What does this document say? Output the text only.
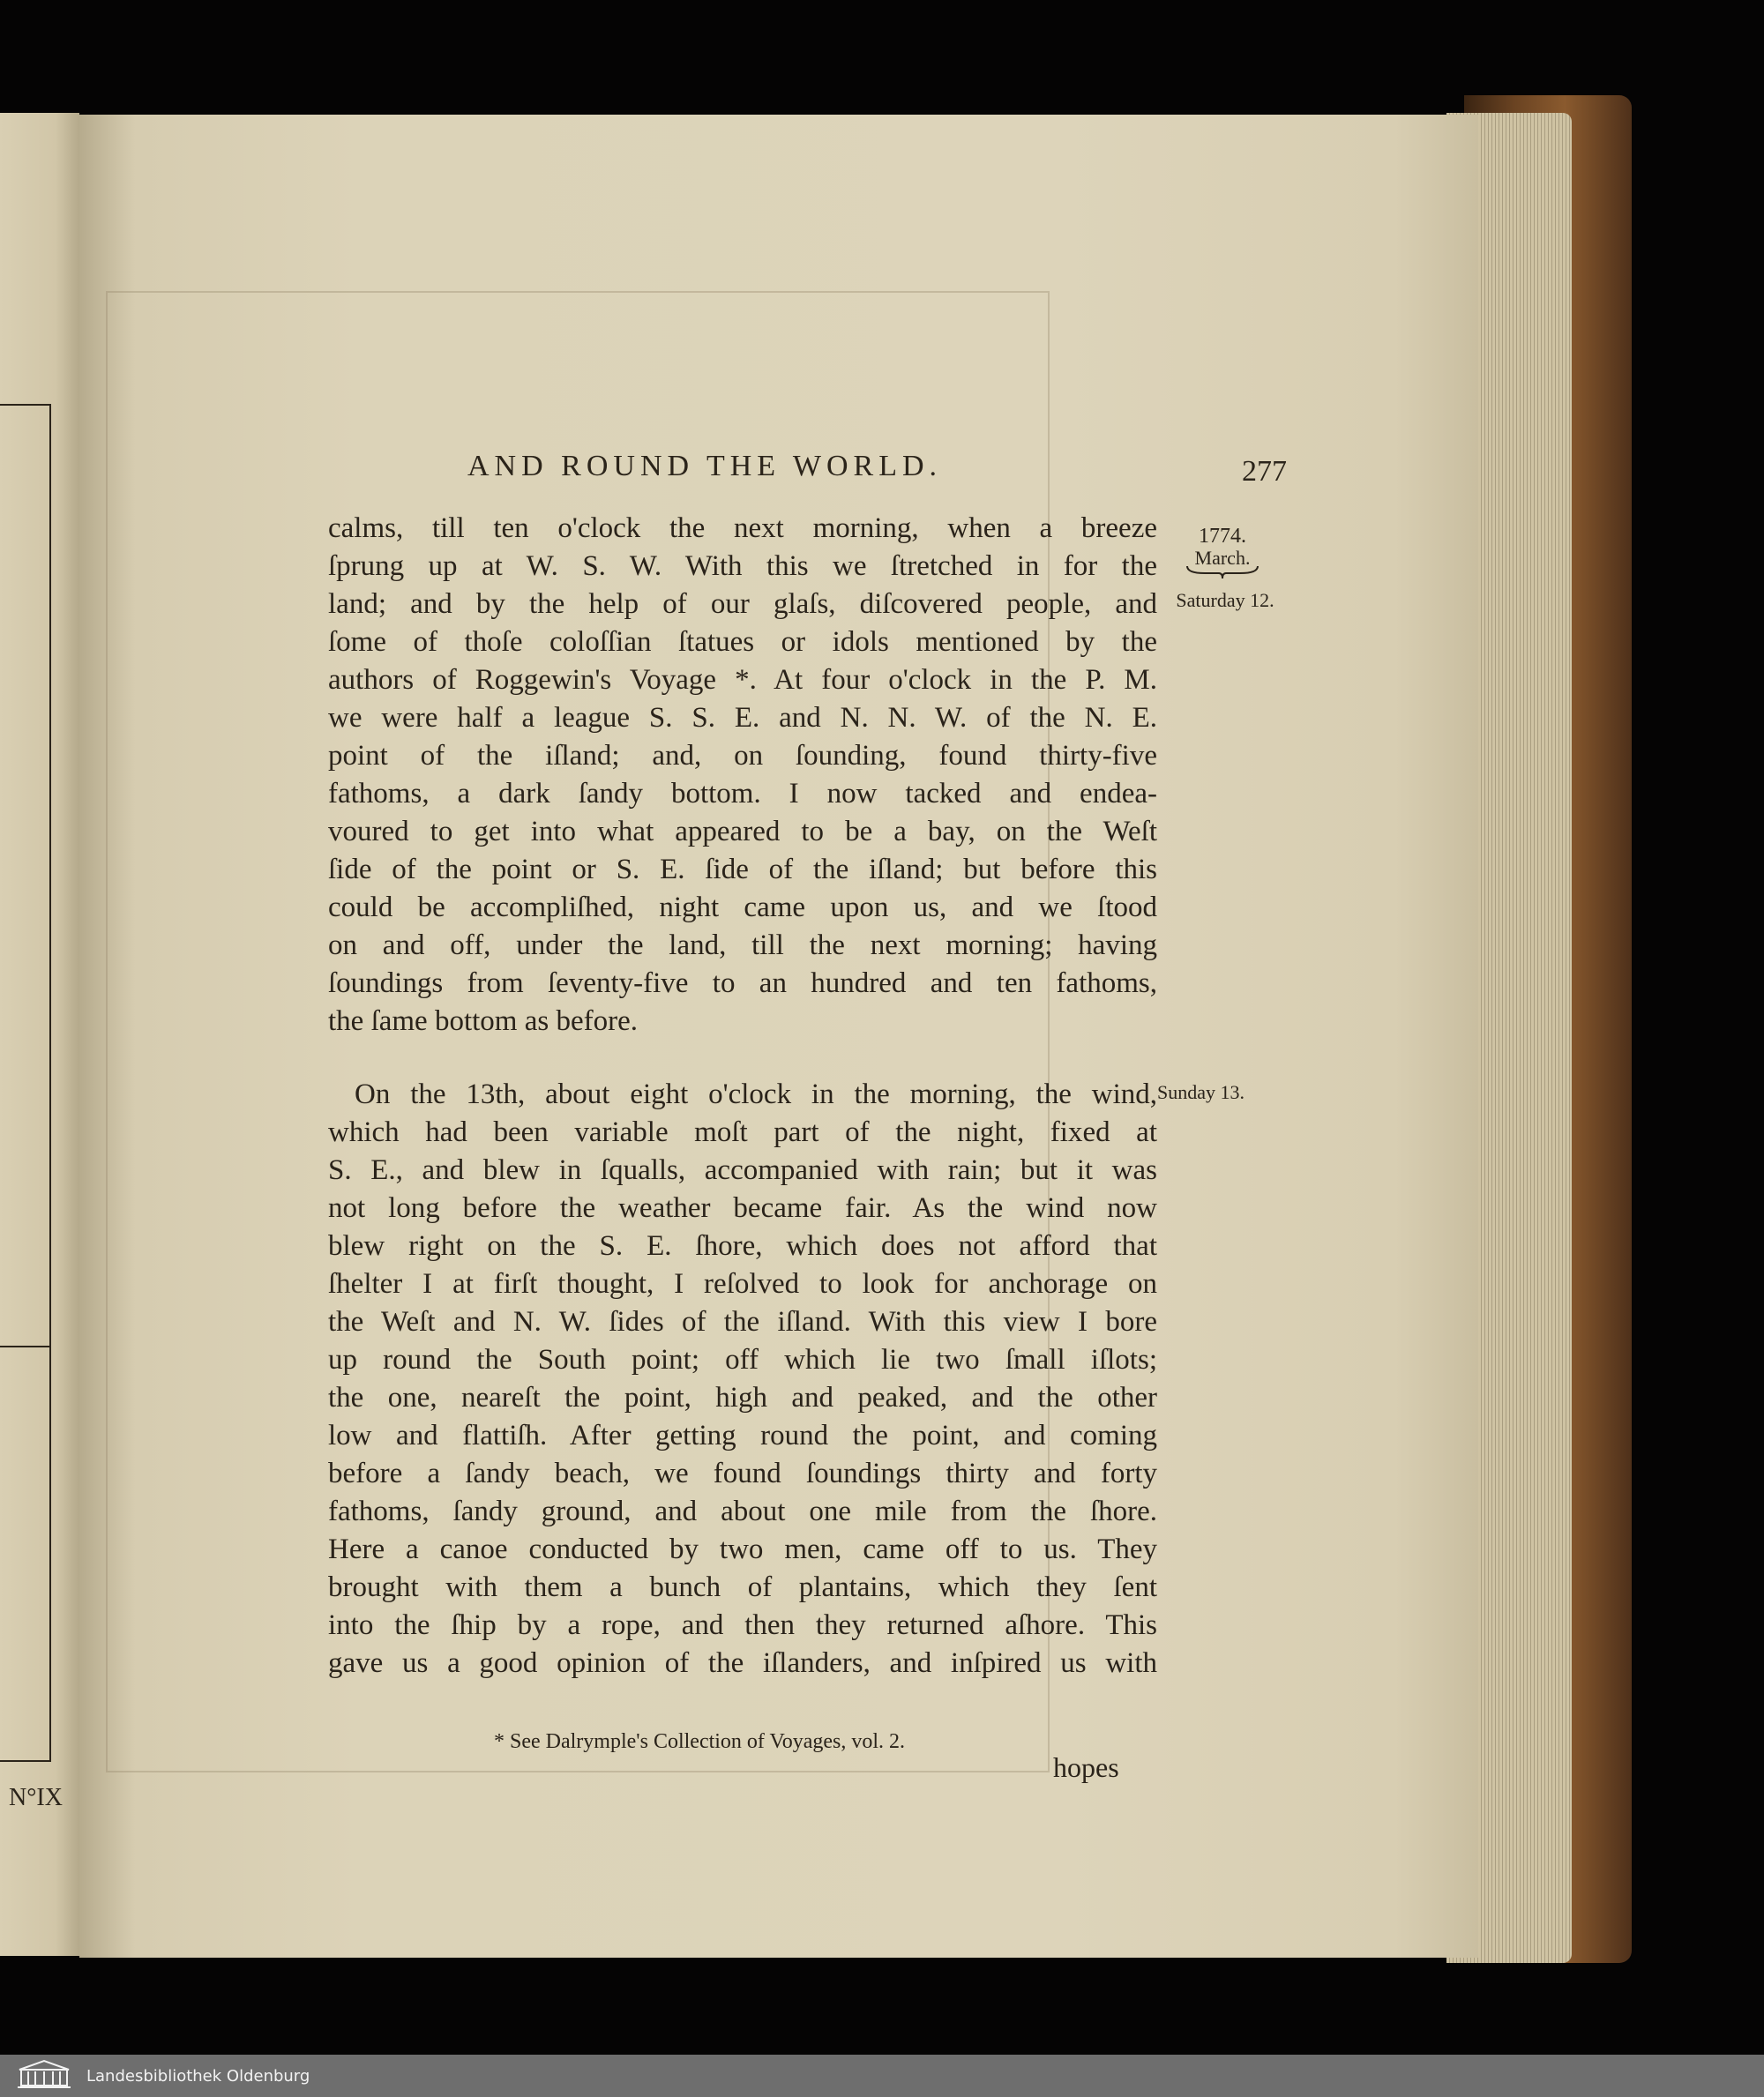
N°IX
AND ROUND THE WORLD.	277
calms, till ten o'clock the next morning, when a breeze
ſprung up at W. S. W. With this we ſtretched in for the
land; and by the help of our glaſs, diſcovered people, and
ſome of thoſe coloſſian ſtatues or idols mentioned by the
authors of Roggewin's Voyage *. At four o'clock in the P. M.
we were half a league S. S. E. and N. N. W. of the N. E.
point of the iſland; and, on ſounding, found thirty-five
fathoms, a dark ſandy bottom. I now tacked and endea-
voured to get into what appeared to be a bay, on the Weſt
ſide of the point or S. E. ſide of the iſland; but before this
could be accompliſhed, night came upon us, and we ſtood
on and off, under the land, till the next morning; having
ſoundings from ſeventy-five to an hundred and ten fathoms,
the ſame bottom as before.
On the 13th, about eight o'clock in the morning, the wind,
which had been variable moſt part of the night, fixed at
S. E., and blew in ſqualls, accompanied with rain; but it was
not long before the weather became fair. As the wind now
blew right on the S. E. ſhore, which does not afford that
ſhelter I at firſt thought, I reſolved to look for anchorage on
the Weſt and N. W. ſides of the iſland. With this view I bore
up round the South point; off which lie two ſmall iſlots;
the one, neareſt the point, high and peaked, and the other
low and flattiſh. After getting round the point, and coming
before a ſandy beach, we found ſoundings thirty and forty
fathoms, ſandy ground, and about one mile from the ſhore.
Here a canoe conducted by two men, came off to us. They
brought with them a bunch of plantains, which they ſent
into the ſhip by a rope, and then they returned aſhore. This
gave us a good opinion of the iſlanders, and inſpired us with
1774.
March.
Saturday 12.
Sunday 13.
* See Dalrymple's Collection of Voyages, vol. 2.
hopes
Landesbibliothek Oldenburg
